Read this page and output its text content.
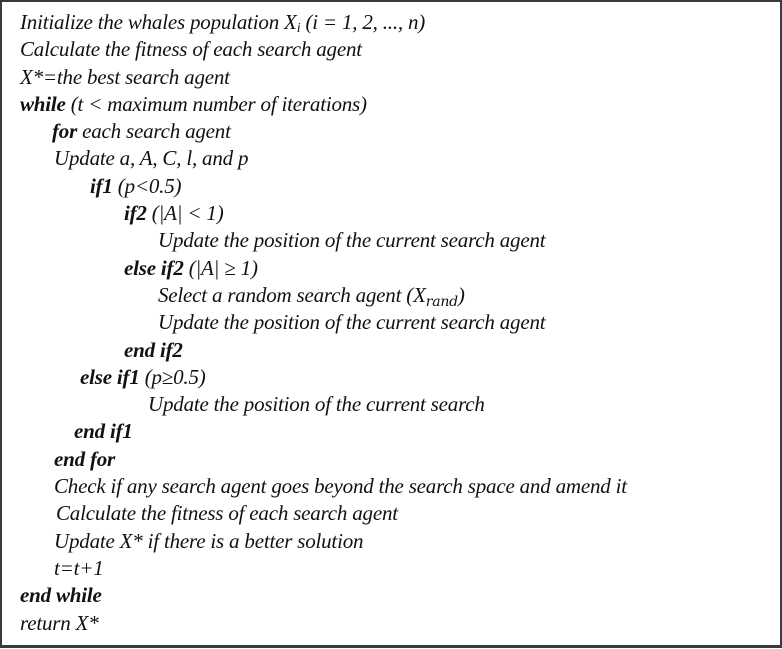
Initialize the whales population $X_i$ (i = 1, 2, ..., n)
Calculate the fitness of each search agent
X*=the best search agent
while (t < maximum number of iterations)
for each search agent
Update a, A, C, l, and p
if1 (p<0.5)
if2 (|A| < 1)
Update the position of the current search agent
else if2 (|A| ≥ 1)
Select a random search agent $(X_{rand})$
Update the position of the current search agent
end if2
else if1 (p≥0.5)
Update the position of the current search
end if1
end for
Check if any search agent goes beyond the search space and amend it
Calculate the fitness of each search agent
Update X* if there is a better solution
t=t+1
end while
return X*
